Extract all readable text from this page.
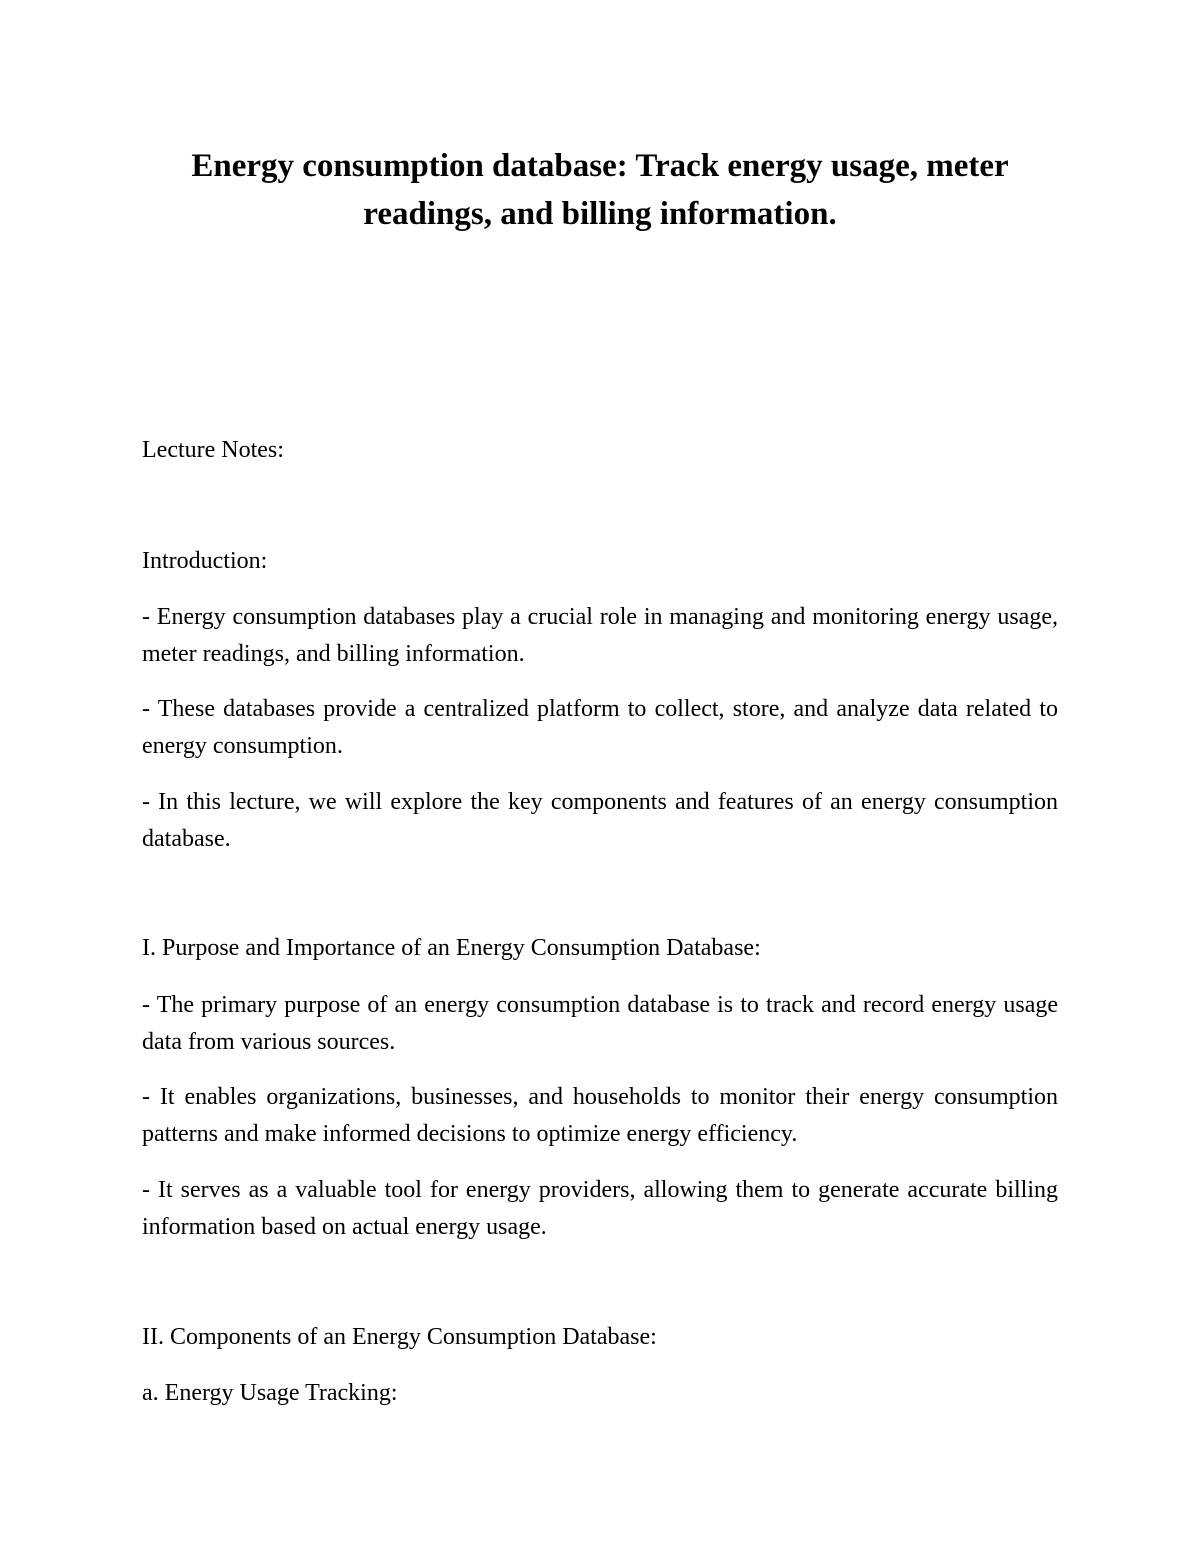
Energy consumption database: Track energy usage, meter readings, and billing information.

Lecture Notes:

Introduction:

- Energy consumption databases play a crucial role in managing and monitoring energy usage, meter readings, and billing information.

- These databases provide a centralized platform to collect, store, and analyze data related to energy consumption.

- In this lecture, we will explore the key components and features of an energy consumption database.

I. Purpose and Importance of an Energy Consumption Database:

- The primary purpose of an energy consumption database is to track and record energy usage data from various sources.

- It enables organizations, businesses, and households to monitor their energy consumption patterns and make informed decisions to optimize energy efficiency.

- It serves as a valuable tool for energy providers, allowing them to generate accurate billing information based on actual energy usage.

II. Components of an Energy Consumption Database:

a. Energy Usage Tracking:
